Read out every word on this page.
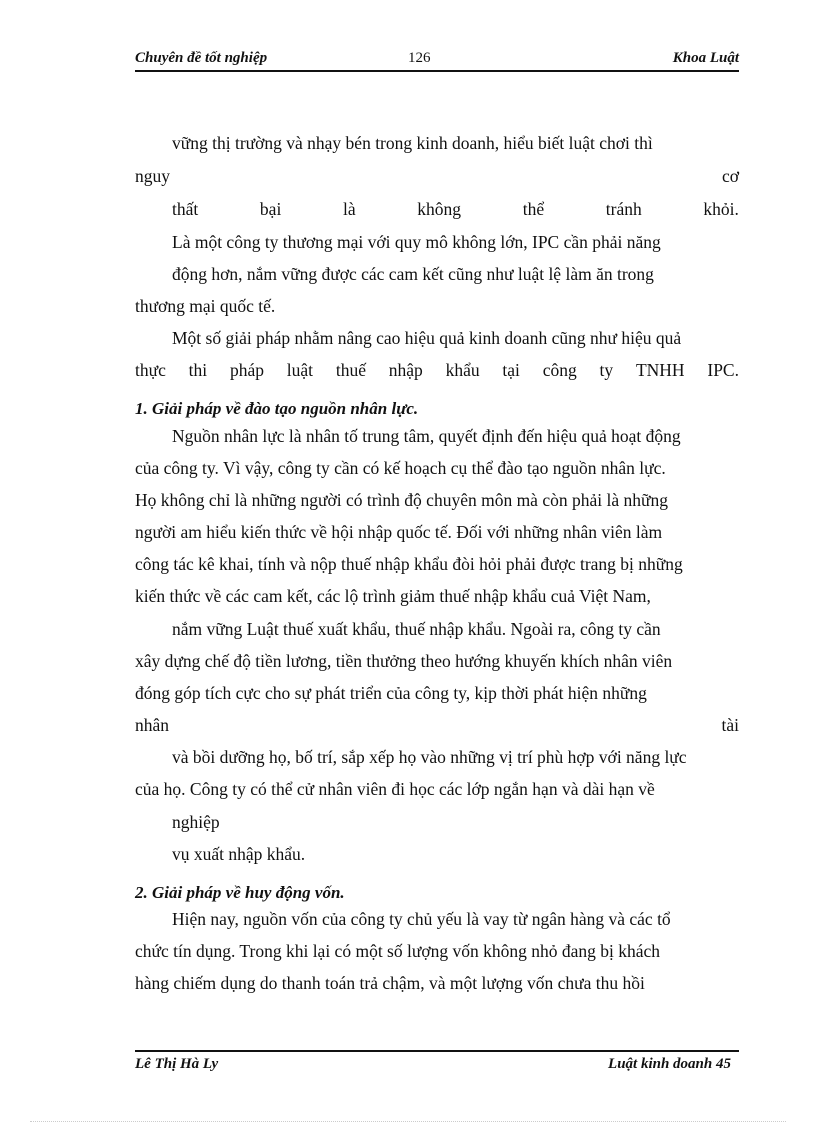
Chuyên đề tốt nghiệp	126	Khoa Luật
vững thị trường và nhạy bén trong kinh doanh, hiểu biết luật chơi thì
nguy	cơ
thất	bại	là	không	thể	tránh	khỏi.
Là một công ty thương mại với quy mô không lớn, IPC cần phải năng
động hơn, nắm vững được các cam kết cũng như luật lệ làm ăn trong
thương mại quốc tế.
Một số giải pháp nhằm nâng cao hiệu quả kinh doanh cũng như hiệu quả
thực thi pháp luật thuế nhập khẩu tại công ty TNHH IPC.
1. Giải pháp về đào tạo nguồn nhân lực.
Nguồn nhân lực là nhân tố trung tâm, quyết định đến hiệu quả hoạt động
của công ty. Vì vậy, công ty cần có kế hoạch cụ thể đào tạo nguồn nhân lực.
Họ không chỉ là những người có trình độ chuyên môn mà còn phải là những
người am hiểu kiến thức về hội nhập quốc tế. Đối với những nhân viên làm
công tác kê khai, tính và nộp thuế nhập khẩu đòi hỏi phải được trang bị những
kiến thức về các cam kết, các lộ trình giảm thuế nhập khẩu cuả Việt Nam,
nắm vững Luật thuế xuất khẩu, thuế nhập khẩu. Ngoài ra, công ty cần
xây dựng chế độ tiền lương, tiền thưởng theo hướng khuyến khích nhân viên
đóng góp tích cực cho sự phát triển của công ty, kịp thời phát hiện những
nhân	tài
và bồi dưỡng họ, bố trí, sắp xếp họ vào những vị trí phù hợp với năng lực
của họ. Công ty có thể cử nhân viên đi học các lớp ngắn hạn và dài hạn về
nghiệp
vụ xuất nhập khẩu.
2. Giải pháp về huy động vốn.
Hiện nay, nguồn vốn của công ty chủ yếu là vay từ ngân hàng và các tổ
chức tín dụng. Trong khi lại có một số lượng vốn không nhỏ đang bị khách
hàng chiếm dụng do thanh toán trả chậm, và một lượng vốn chưa thu hồi
Lê Thị Hà Ly	Luật kinh doanh 45
